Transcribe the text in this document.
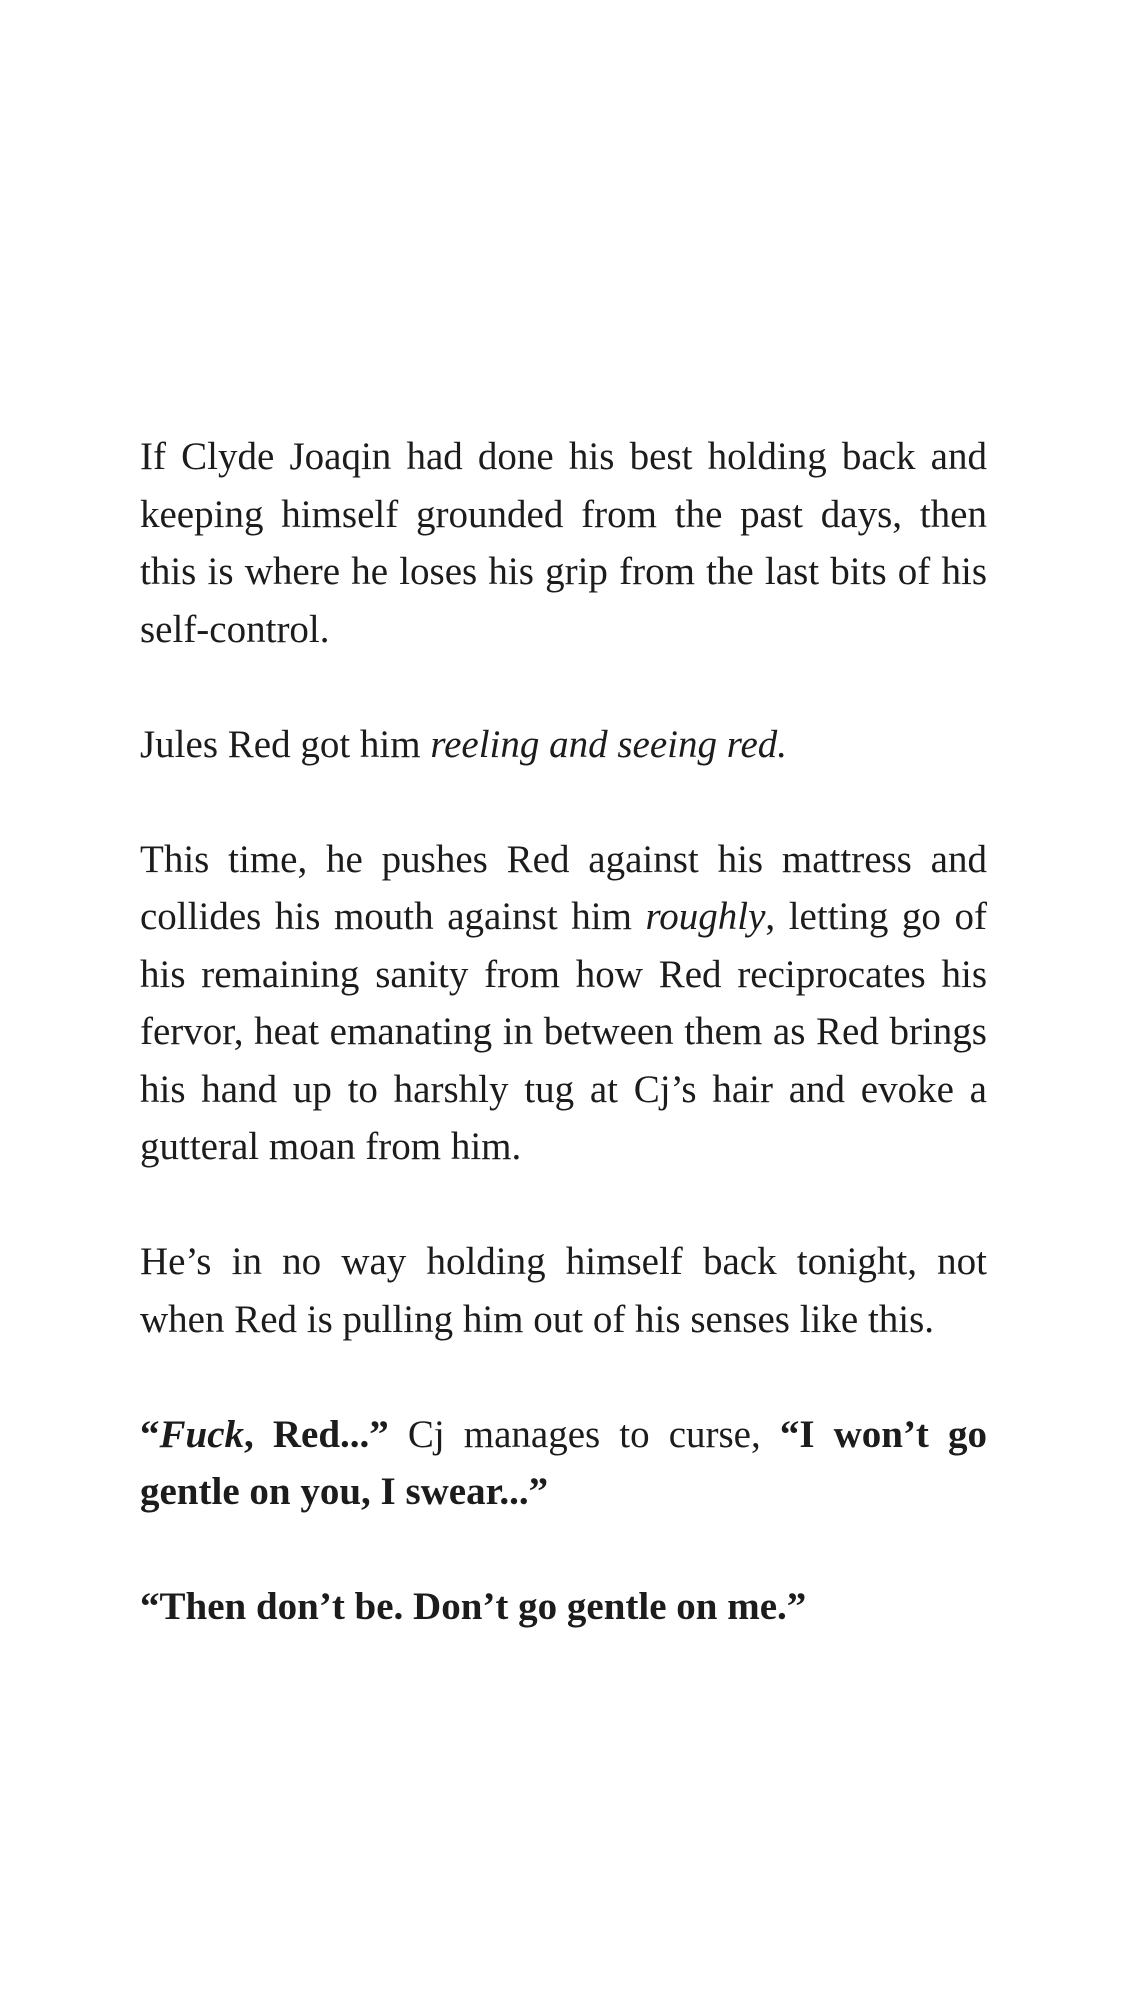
If Clyde Joaqin had done his best holding back and keeping himself grounded from the past days, then this is where he loses his grip from the last bits of his self-control.

Jules Red got him reeling and seeing red.

This time, he pushes Red against his mattress and collides his mouth against him roughly, letting go of his remaining sanity from how Red reciprocates his fervor, heat emanating in between them as Red brings his hand up to harshly tug at Cj’s hair and evoke a gutteral moan from him.

He’s in no way holding himself back tonight, not when Red is pulling him out of his senses like this.

“Fuck, Red...” Cj manages to curse, “I won’t go gentle on you, I swear...”

“Then don’t be. Don’t go gentle on me.”
